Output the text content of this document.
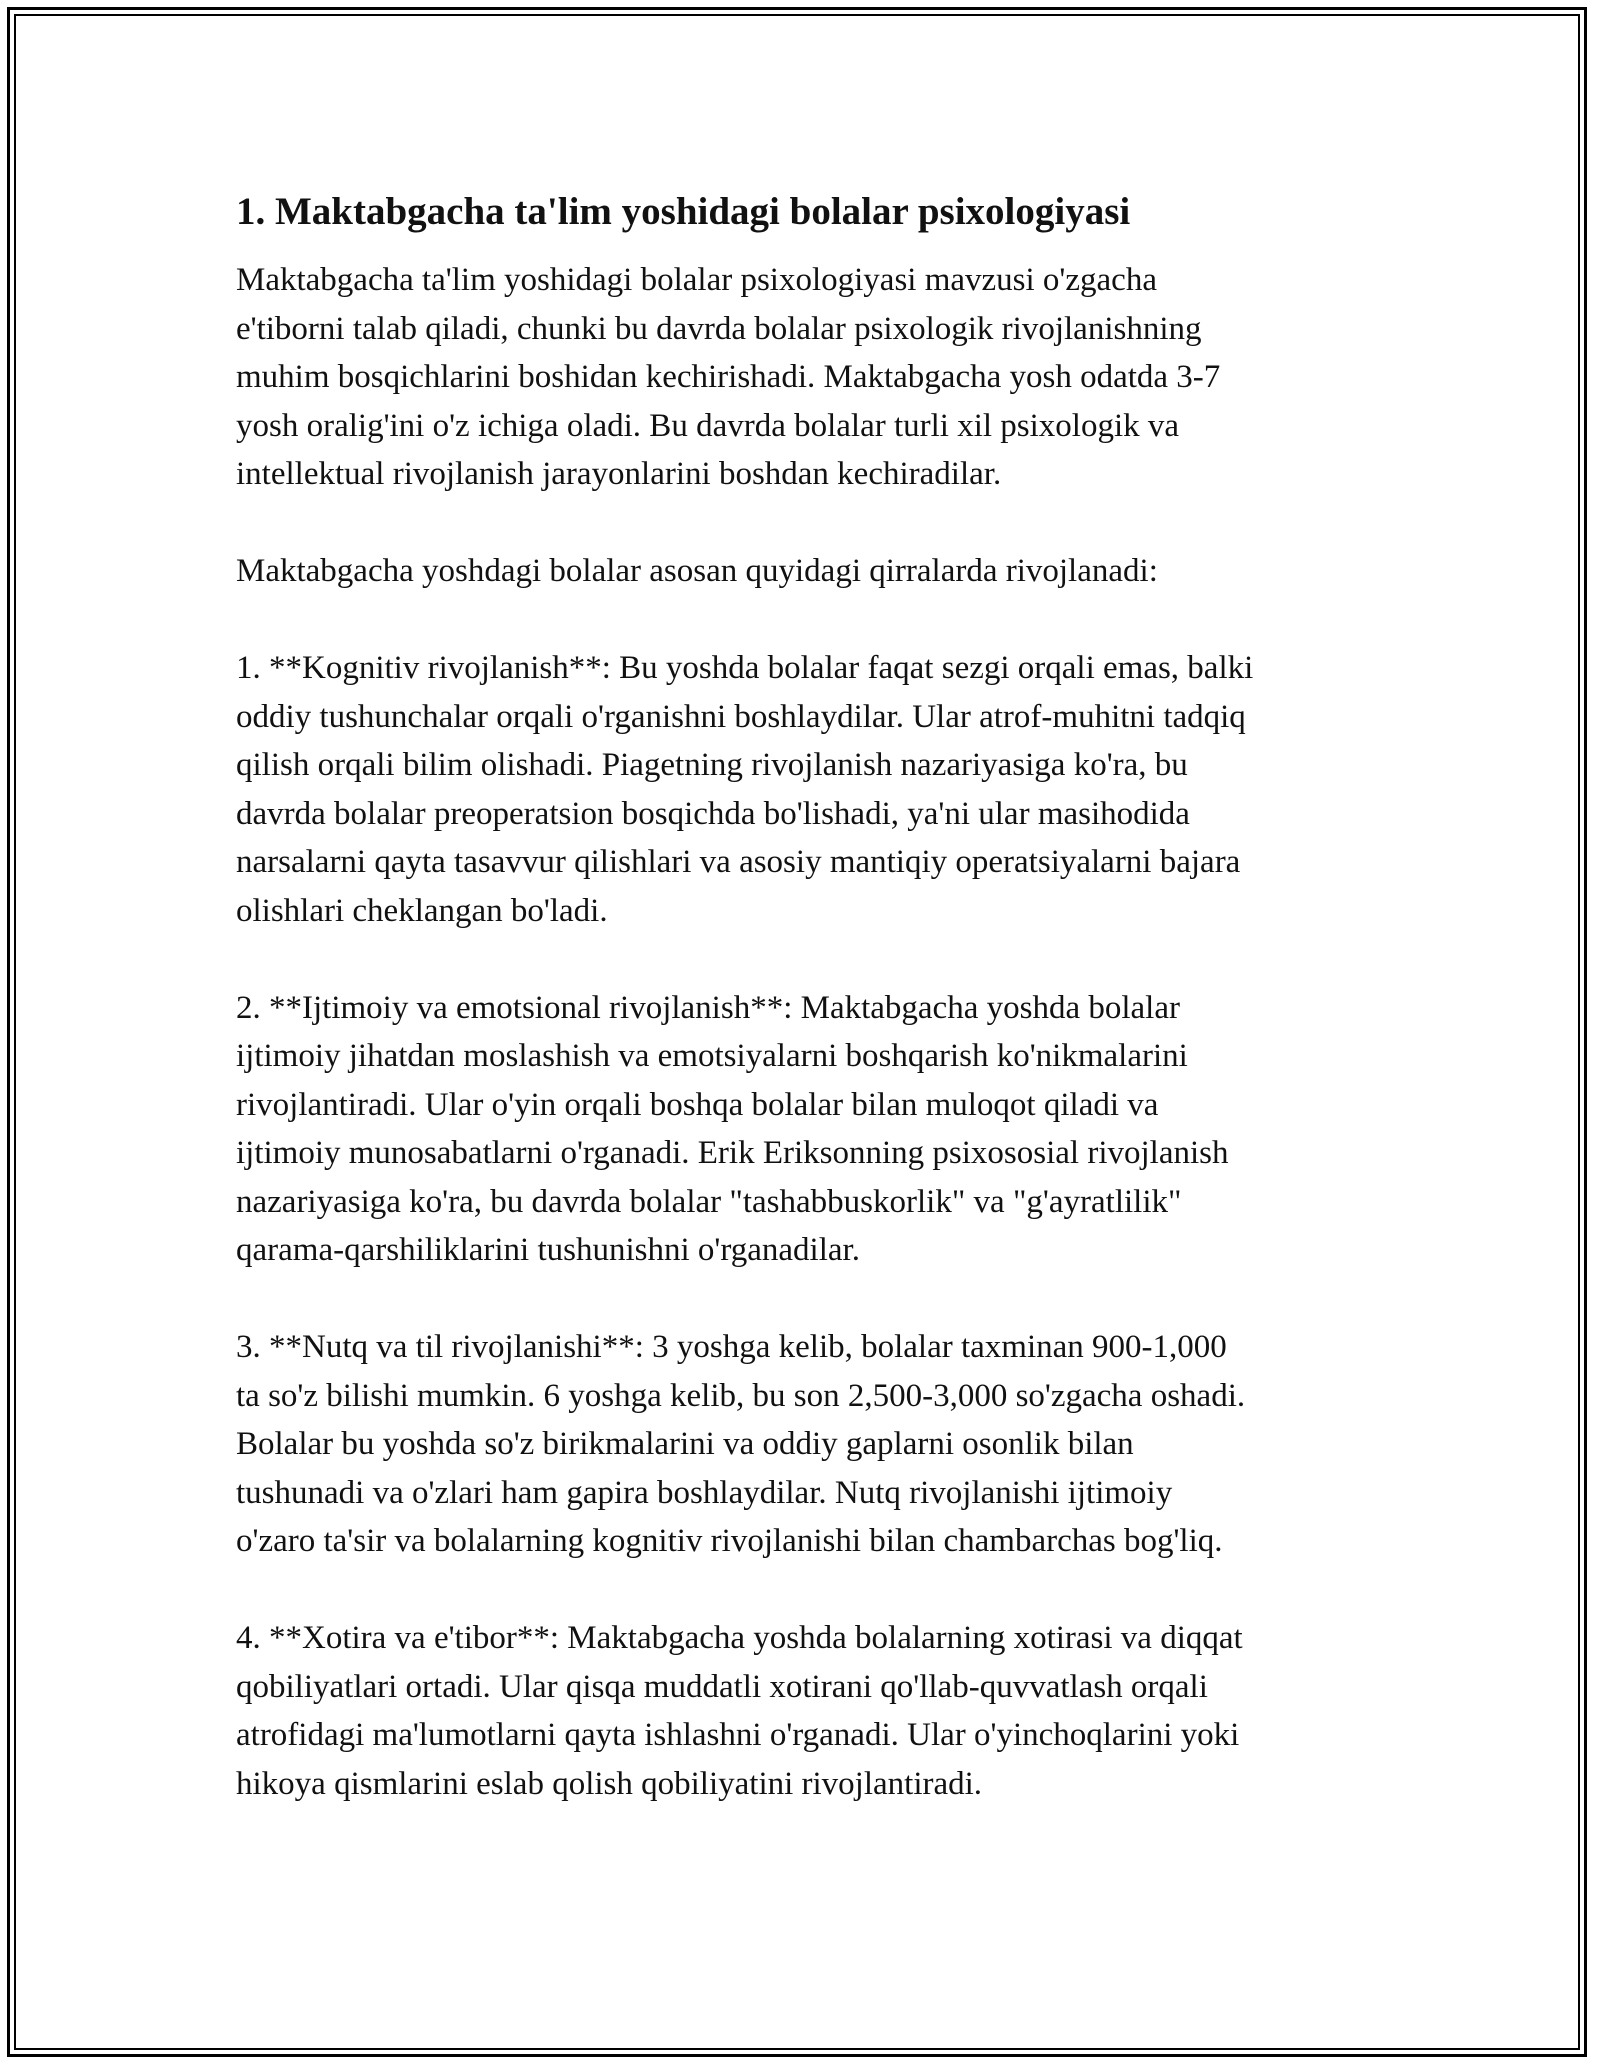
1. Maktabgacha ta'lim yoshidagi bolalar psixologiyasi

Maktabgacha ta'lim yoshidagi bolalar psixologiyasi mavzusi o'zgacha
e'tiborni talab qiladi, chunki bu davrda bolalar psixologik rivojlanishning
muhim bosqichlarini boshidan kechirishadi. Maktabgacha yosh odatda 3-7
yosh oralig'ini o'z ichiga oladi. Bu davrda bolalar turli xil psixologik va
intellektual rivojlanish jarayonlarini boshdan kechiradilar.

Maktabgacha yoshdagi bolalar asosan quyidagi qirralarda rivojlanadi:

1. **Kognitiv rivojlanish**: Bu yoshda bolalar faqat sezgi orqali emas, balki
oddiy tushunchalar orqali o'rganishni boshlaydilar. Ular atrof-muhitni tadqiq
qilish orqali bilim olishadi. Piagetning rivojlanish nazariyasiga ko'ra, bu
davrda bolalar preoperatsion bosqichda bo'lishadi, ya'ni ular masihodida
narsalarni qayta tasavvur qilishlari va asosiy mantiqiy operatsiyalarni bajara
olishlari cheklangan bo'ladi.

2. **Ijtimoiy va emotsional rivojlanish**: Maktabgacha yoshda bolalar
ijtimoiy jihatdan moslashish va emotsiyalarni boshqarish ko'nikmalarini
rivojlantiradi. Ular o'yin orqali boshqa bolalar bilan muloqot qiladi va
ijtimoiy munosabatlarni o'rganadi. Erik Eriksonning psixososial rivojlanish
nazariyasiga ko'ra, bu davrda bolalar "tashabbuskorlik" va "g'ayratlilik"
qarama-qarshiliklarini tushunishni o'rganadilar.

3. **Nutq va til rivojlanishi**: 3 yoshga kelib, bolalar taxminan 900-1,000
ta so'z bilishi mumkin. 6 yoshga kelib, bu son 2,500-3,000 so'zgacha oshadi.
Bolalar bu yoshda so'z birikmalarini va oddiy gaplarni osonlik bilan
tushunadi va o'zlari ham gapira boshlaydilar. Nutq rivojlanishi ijtimoiy
o'zaro ta'sir va bolalarning kognitiv rivojlanishi bilan chambarchas bog'liq.

4. **Xotira va e'tibor**: Maktabgacha yoshda bolalarning xotirasi va diqqat
qobiliyatlari ortadi. Ular qisqa muddatli xotirani qo'llab-quvvatlash orqali
atrofidagi ma'lumotlarni qayta ishlashni o'rganadi. Ular o'yinchoqlarini yoki
hikoya qismlarini eslab qolish qobiliyatini rivojlantiradi.
